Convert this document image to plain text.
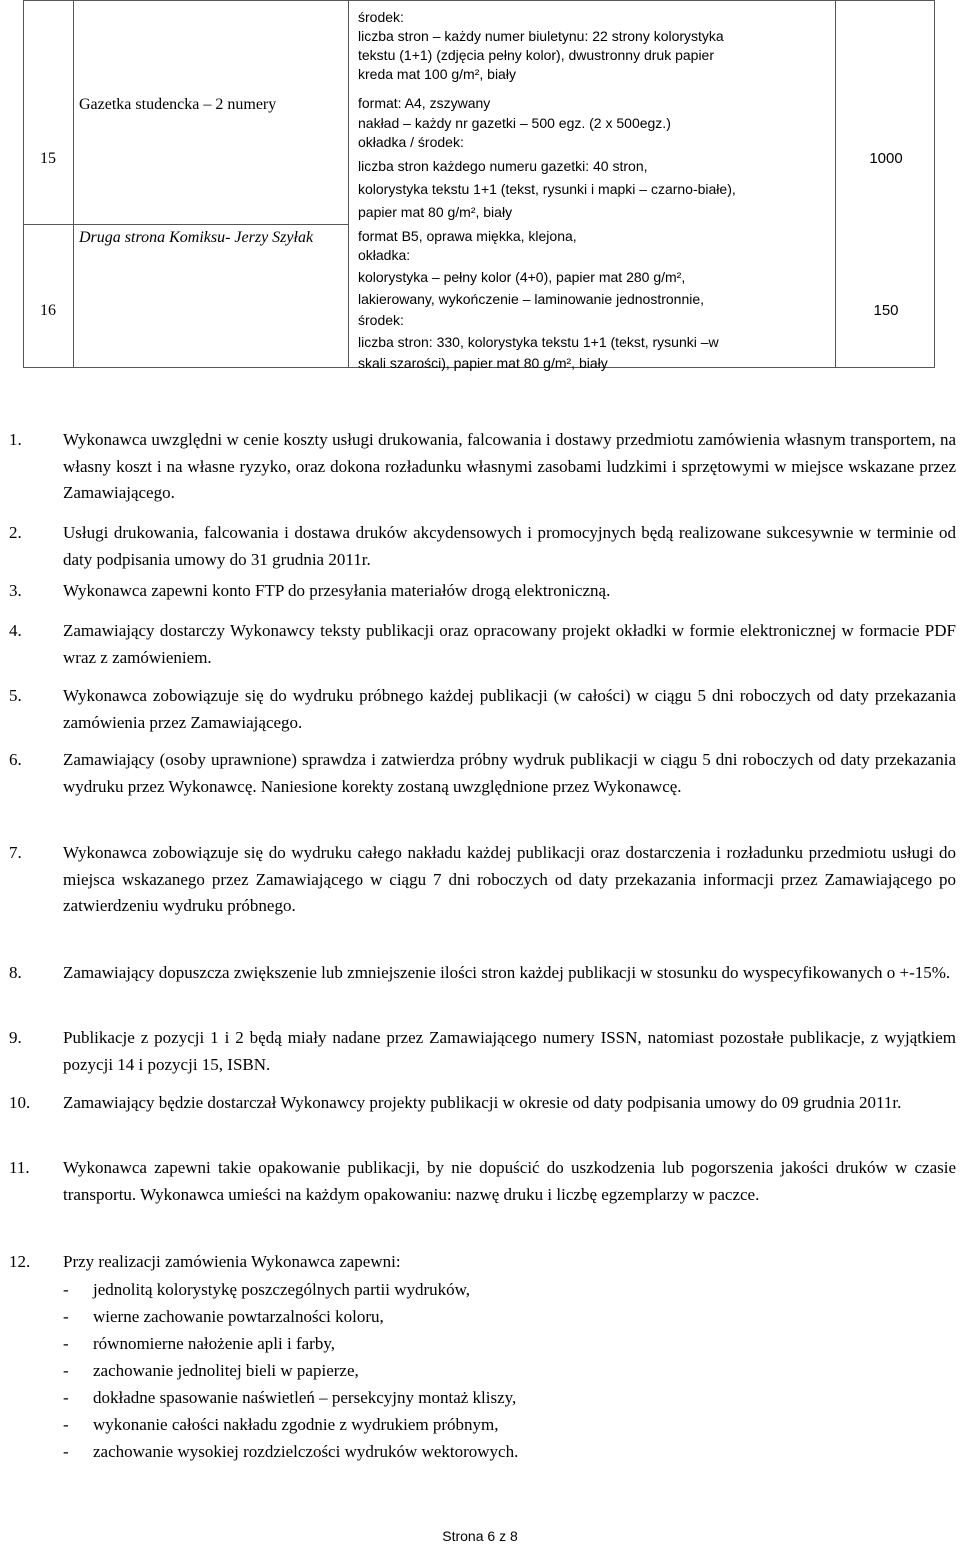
15
Gazetka studencka – 2 numery
1000
16
Druga strona Komiksu- Jerzy Szyłak
150
środek:
liczba stron – każdy numer biuletynu: 22 strony kolorystyka
tekstu (1+1) (zdjęcia pełny kolor), dwustronny druk papier
kreda mat 100 g/m², biały
format: A4, zszywany
nakład – każdy nr gazetki – 500 egz. (2 x 500egz.)
okładka / środek:
liczba stron każdego numeru gazetki: 40 stron,
kolorystyka tekstu 1+1 (tekst, rysunki i mapki – czarno-białe),
papier mat 80 g/m², biały
format B5, oprawa miękka, klejona,
okładka:
kolorystyka – pełny kolor (4+0), papier mat 280 g/m²,
lakierowany, wykończenie – laminowanie jednostronnie,
środek:
liczba stron: 330, kolorystyka tekstu 1+1 (tekst, rysunki –w
skali szarości), papier mat 80 g/m², biały
1. Wykonawca uwzględni w cenie koszty usługi drukowania, falcowania i dostawy przedmiotu zamówienia własnym transportem, na własny koszt i na własne ryzyko, oraz dokona rozładunku własnymi zasobami ludzkimi i sprzętowymi w miejsce wskazane przez Zamawiającego.
2. Usługi drukowania, falcowania i dostawa druków akcydensowych i promocyjnych będą realizowane sukcesywnie w terminie od daty podpisania umowy do 31 grudnia 2011r.
3. Wykonawca zapewni konto FTP do przesyłania materiałów drogą elektroniczną.
4. Zamawiający dostarczy Wykonawcy teksty publikacji oraz opracowany projekt okładki w formie elektronicznej w formacie PDF wraz z zamówieniem.
5. Wykonawca zobowiązuje się do wydruku próbnego każdej publikacji (w całości) w ciągu 5 dni roboczych od daty przekazania zamówienia przez Zamawiającego.
6. Zamawiający (osoby uprawnione) sprawdza i zatwierdza próbny wydruk publikacji w ciągu 5 dni roboczych od daty przekazania wydruku przez Wykonawcę. Naniesione korekty zostaną uwzględnione przez Wykonawcę.
7. Wykonawca zobowiązuje się do wydruku całego nakładu każdej publikacji oraz dostarczenia i rozładunku przedmiotu usługi do miejsca wskazanego przez Zamawiającego w ciągu 7 dni roboczych od daty przekazania informacji przez Zamawiającego po zatwierdzeniu wydruku próbnego.
8. Zamawiający dopuszcza zwiększenie lub zmniejszenie ilości stron każdej publikacji w stosunku do wyspecyfikowanych o +-15%.
9. Publikacje z pozycji 1 i 2 będą miały nadane przez Zamawiającego numery ISSN, natomiast pozostałe publikacje, z wyjątkiem pozycji 14 i pozycji 15, ISBN.
10. Zamawiający będzie dostarczał Wykonawcy projekty publikacji w okresie od daty podpisania umowy do 09 grudnia 2011r.
11. Wykonawca zapewni takie opakowanie publikacji, by nie dopuścić do uszkodzenia lub pogorszenia jakości druków w czasie transportu. Wykonawca umieści na każdym opakowaniu: nazwę druku i liczbę egzemplarzy w paczce.
12. Przy realizacji zamówienia Wykonawca zapewni:
- jednolitą kolorystykę poszczególnych partii wydruków,
- wierne zachowanie powtarzalności koloru,
- równomierne nałożenie apli i farby,
- zachowanie jednolitej bieli w papierze,
- dokładne spasowanie naświetleń – persekcyjny montaż kliszy,
- wykonanie całości nakładu zgodnie z wydrukiem próbnym,
- zachowanie wysokiej rozdzielczości wydruków wektorowych.
Strona 6 z 8
